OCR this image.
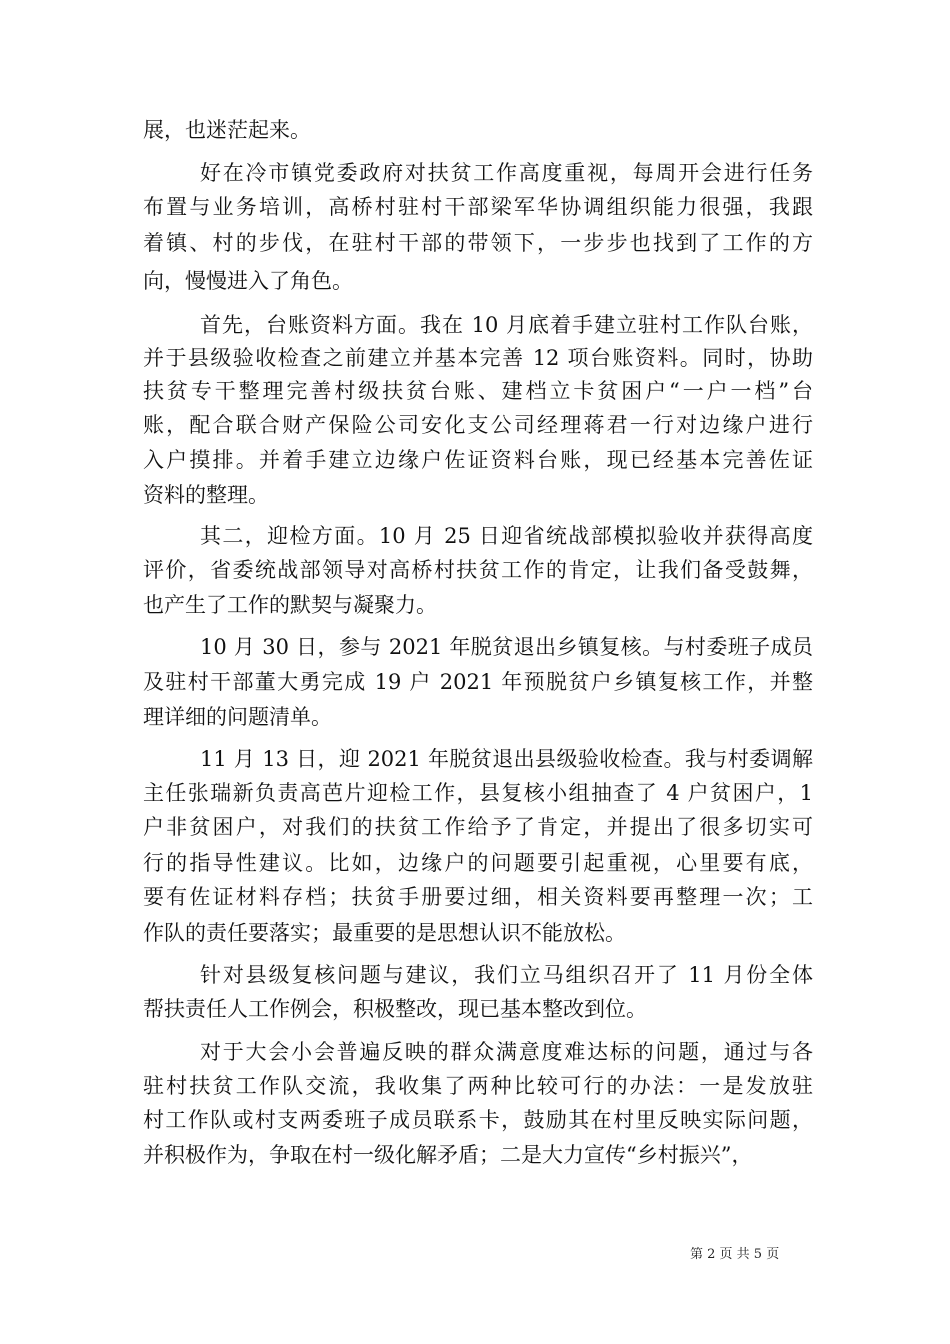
展，也迷茫起来。
好在冷市镇党委政府对扶贫工作高度重视，每周开会进行任务
布置与业务培训，高桥村驻村干部梁军华协调组织能力很强，我跟
着镇、村的步伐，在驻村干部的带领下，一步步也找到了工作的方
向，慢慢进入了角色。
首先，台账资料方面。我在 10 月底着手建立驻村工作队台账，
并于县级验收检查之前建立并基本完善 12 项台账资料。同时，协助
扶贫专干整理完善村级扶贫台账、建档立卡贫困户“一户一档”台
账，配合联合财产保险公司安化支公司经理蒋君一行对边缘户进行
入户摸排。并着手建立边缘户佐证资料台账，现已经基本完善佐证
资料的整理。
其二，迎检方面。10 月 25 日迎省统战部模拟验收并获得高度
评价，省委统战部领导对高桥村扶贫工作的肯定，让我们备受鼓舞，
也产生了工作的默契与凝聚力。
10 月 30 日，参与 2021 年脱贫退出乡镇复核。与村委班子成员
及驻村干部董大勇完成 19 户 2021 年预脱贫户乡镇复核工作，并整
理详细的问题清单。
11 月 13 日，迎 2021 年脱贫退出县级验收检查。我与村委调解
主任张瑞新负责高芭片迎检工作，县复核小组抽查了 4 户贫困户，1
户非贫困户，对我们的扶贫工作给予了肯定，并提出了很多切实可
行的指导性建议。比如，边缘户的问题要引起重视，心里要有底，
要有佐证材料存档；扶贫手册要过细，相关资料要再整理一次；工
作队的责任要落实；最重要的是思想认识不能放松。
针对县级复核问题与建议，我们立马组织召开了 11 月份全体
帮扶责任人工作例会，积极整改，现已基本整改到位。
对于大会小会普遍反映的群众满意度难达标的问题，通过与各
驻村扶贫工作队交流，我收集了两种比较可行的办法：一是发放驻
村工作队或村支两委班子成员联系卡，鼓励其在村里反映实际问题，
并积极作为，争取在村一级化解矛盾；二是大力宣传“乡村振兴”，
第 2 页 共 5 页
